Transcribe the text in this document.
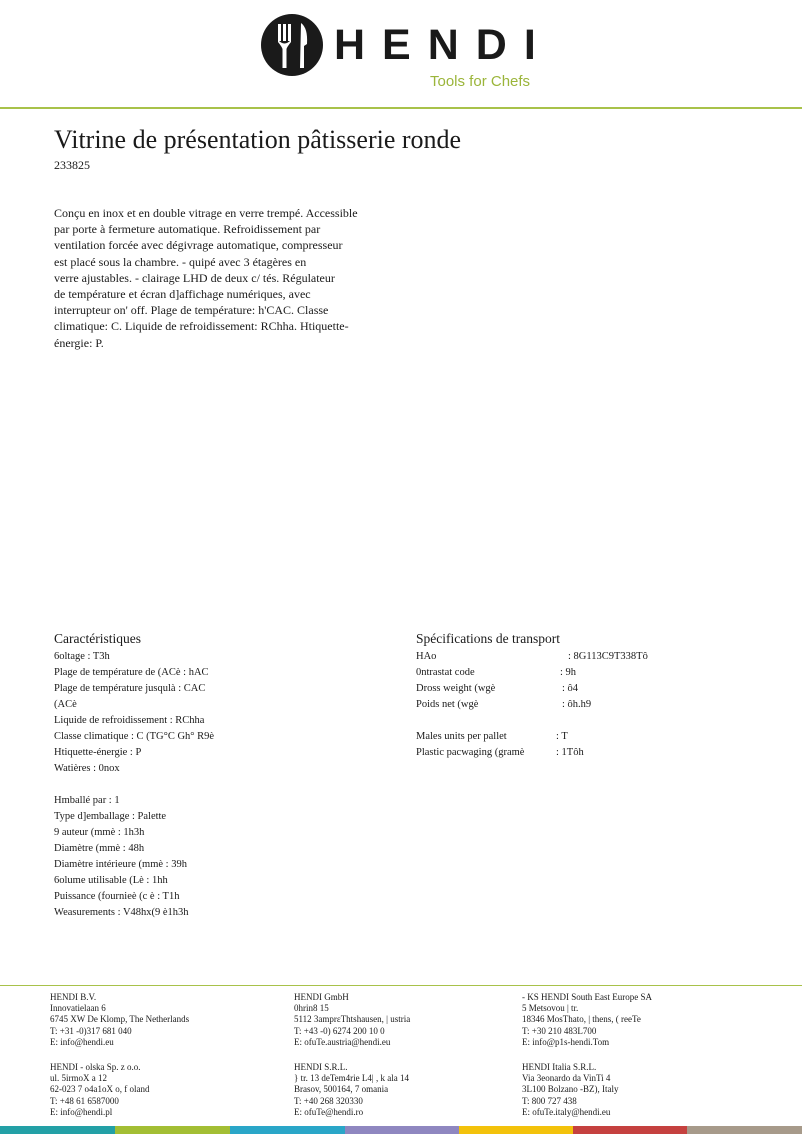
HENDI
Tools for Chefs
Vitrine de présentation pâtisserie ronde
233825
Conçu en inox et en double vitrage en verre trempé. Accessible
par porte à fermeture automatique. Refroidissement par
ventilation forcée avec dégivrage automatique, compresseur
est placé sous la chambre. - quipé avec 3 étagères en
verre ajustables. - clairage LHD de deux c/ tés. Régulateur
de température et écran d]affichage numériques, avec
interrupteur on' off. Plage de température: h'CAC. Classe
climatique: C. Liquide de refroidissement: RChha. Htiquette-
énergie: P.
Caractéristiques
6oltage : T3h
Plage de température de (ACè : hAC
Plage de température jusqulà : CAC
(ACè
Liquide de refroidissement : RChha
Classe climatique : C (TG°C Gh° R9è
Htiquette-énergie : P
Watières : 0nox
Hmballé par : 1
Type d]emballage : Palette
9 auteur (mmè : 1h3h
Diamètre (mmè : 48h
Diamètre intérieure (mmè : 39h
6olume utilisable (Lè : 1hh
Puissance (fournieè (c è : T1h
Weasurements : V48hx(9 è1h3h
Spécifications de transport
HAo	: 8G113C9T338Tô
0ntrastat code	: 9h
Dross weight (wgè	: ô4
Poids net (wgè	: ôh.h9
Males units per pallet	: T
Plastic pacwaging (gramè	: 1Tôh
HENDI B.V.
Innovatielaan 6
6745 XW De Klomp, The Netherlands
T: +31 -0)317 681 040
E: info@hendi.eu
HENDI GmbH
0hrin8 15
5112 3amprεThtshausen, | ustria
T: +43 -0) 6274 200 10 0
E: ofuTe.austria@hendi.eu
- KS HENDI South East Europe SA
5 Metsovou | tr.
18346 MosThato, | thens, ( reeTe
T: +30 210 483L700
E: info@p1s-hendi.Tom
HENDI - olska Sp. z o.o.
ul. 5irmoX a 12
62-023 7 o4a1oX o, f oland
T: +48 61 6587000
E: info@hendi.pl
HENDI S.R.L.
} tr. 13 deTem4rie L4| , k ala 14
Brasov, 500164, 7 omania
T: +40 268 320330
E: ofuTe@hendi.ro
HENDI Italia S.R.L.
Via 3eonardo da VinTi 4
3L100 Bolzano -BZ), Italy
T: 800 727 438
E: ofuTe.italy@hendi.eu
